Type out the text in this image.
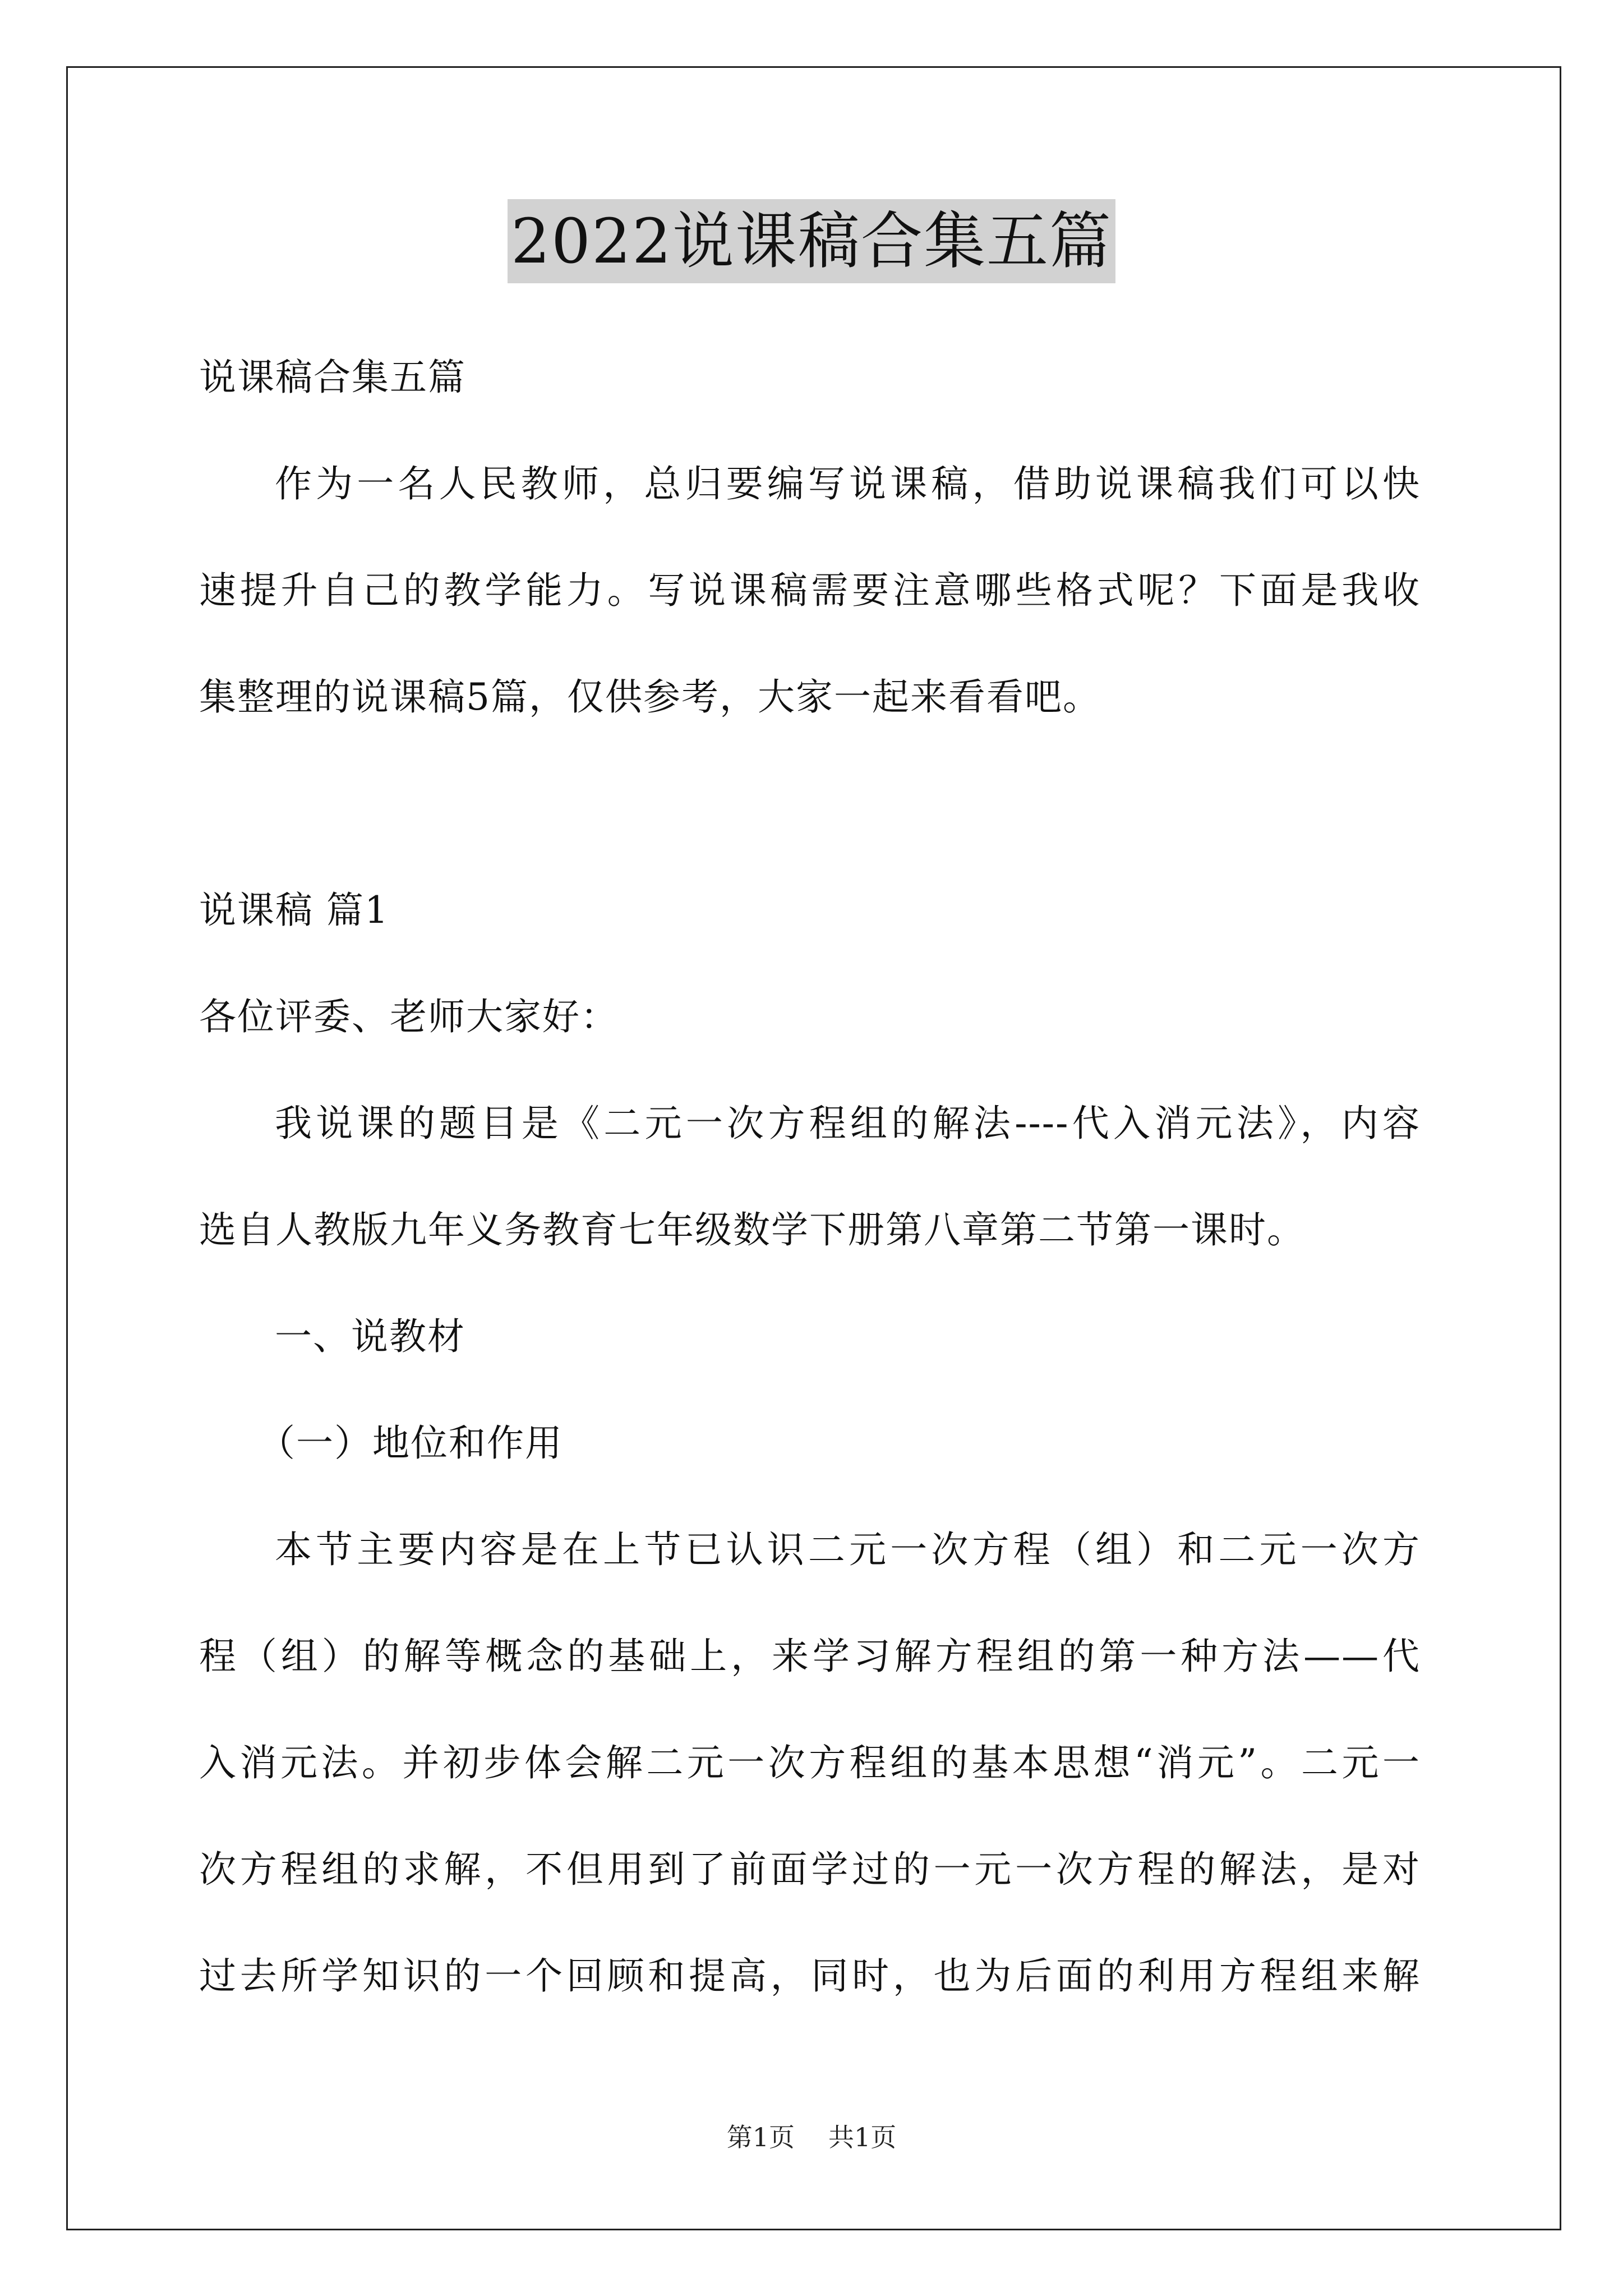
2022说课稿合集五篇
说课稿合集五篇
作为一名人民教师，总归要编写说课稿，借助说课稿我们可以快
速提升自己的教学能力。写说课稿需要注意哪些格式呢？下面是我收
集整理的说课稿5篇，仅供参考，大家一起来看看吧。
说课稿 篇1
各位评委、老师大家好：
我说课的题目是《二元一次方程组的解法----代入消元法》，内容
选自人教版九年义务教育七年级数学下册第八章第二节第一课时。
一、说教材
（一）地位和作用
本节主要内容是在上节已认识二元一次方程（组）和二元一次方
程（组）的解等概念的基础上，来学习解方程组的第一种方法——代
入消元法。并初步体会解二元一次方程组的基本思想“消元”。二元一
次方程组的求解，不但用到了前面学过的一元一次方程的解法，是对
过去所学知识的一个回顾和提高，同时，也为后面的利用方程组来解
第1页 共1页
